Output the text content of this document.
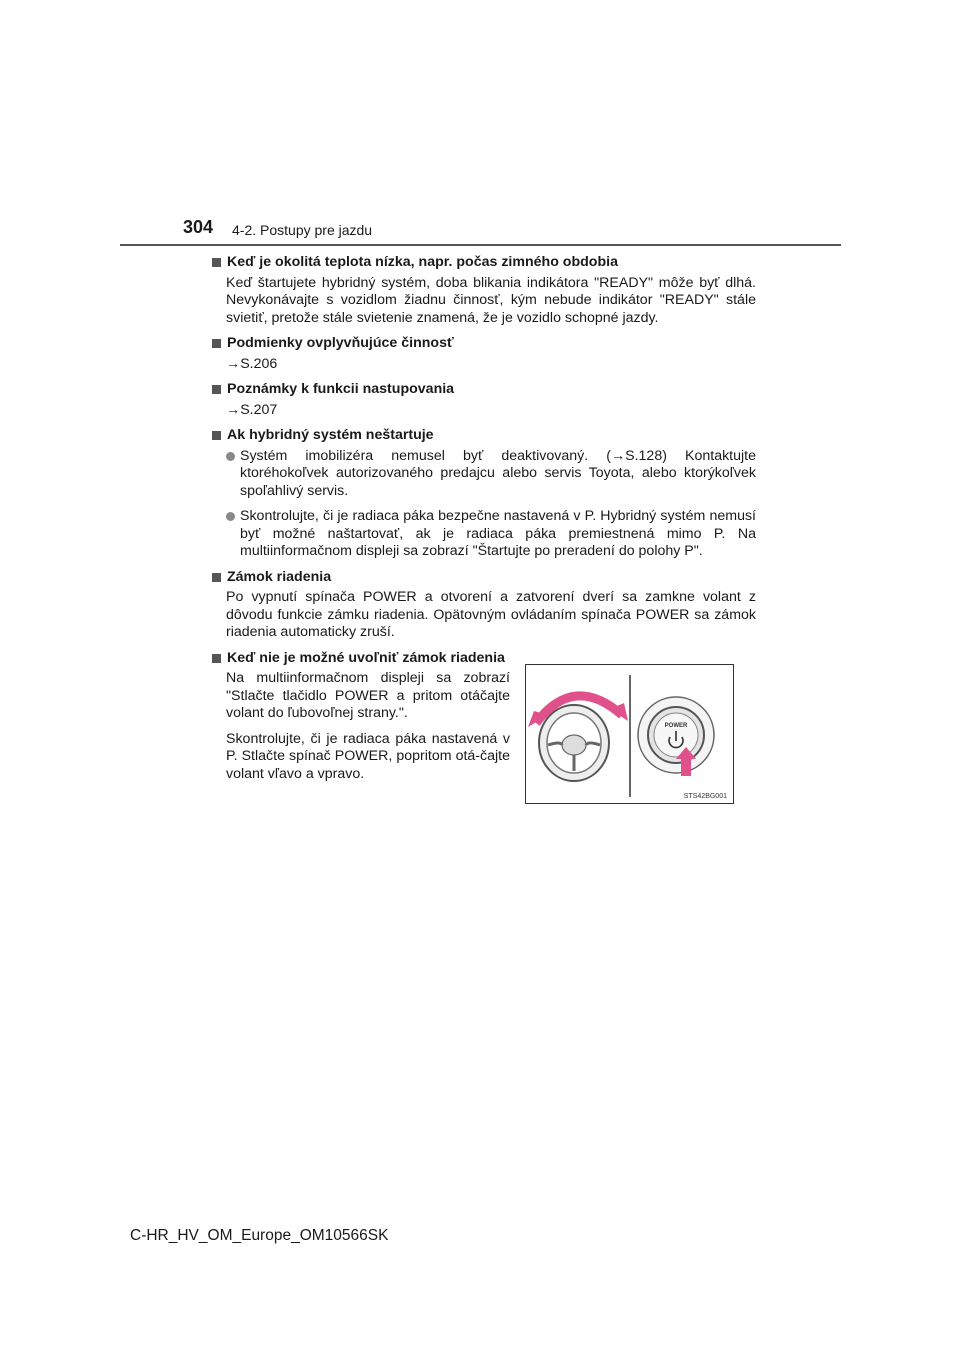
304 4-2. Postupy pre jazdu
Keď je okolitá teplota nízka, napr. počas zimného obdobia

Keď štartujete hybridný systém, doba blikania indikátora "READY" môže byť dlhá. Nevykonávajte s vozidlom žiadnu činnosť, kým nebude indikátor "READY" stále svietiť, pretože stále svietenie znamená, že je vozidlo schopné jazdy.

Podmienky ovplyvňujúce činnosť

→S.206

Poznámky k funkcii nastupovania

→S.207

Ak hybridný systém neštartuje
Systém imobilizéra nemusel byť deaktivovaný. (→S.128) Kontaktujte ktoréhokoľvek autorizovaného predajcu alebo servis Toyota, alebo ktorýkoľvek spoľahlivý servis.
Skontrolujte, či je radiaca páka bezpečne nastavená v P. Hybridný systém nemusí byť možné naštartovať, ak je radiaca páka premiestnená mimo P. Na multiinformačnom displeji sa zobrazí "Štartujte po preradení do polohy P".
Zámok riadenia

Po vypnutí spínača POWER a otvorení a zatvorení dverí sa zamkne volant z dôvodu funkcie zámku riadenia. Opätovným ovládaním spínača POWER sa zámok riadenia automaticky zruší.

Keď nie je možné uvoľniť zámok riadenia

Na multiinformačnom displeji sa zobrazí "Stlačte tlačidlo POWER a pritom otáčajte volant do ľubovoľnej strany.".

Skontrolujte, či je radiaca páka nastavená v P. Stlačte spínač POWER, popritom otá-čajte volant vľavo a vpravo.

POWER
STS42BG001
C-HR_HV_OM_Europe_OM10566SK
